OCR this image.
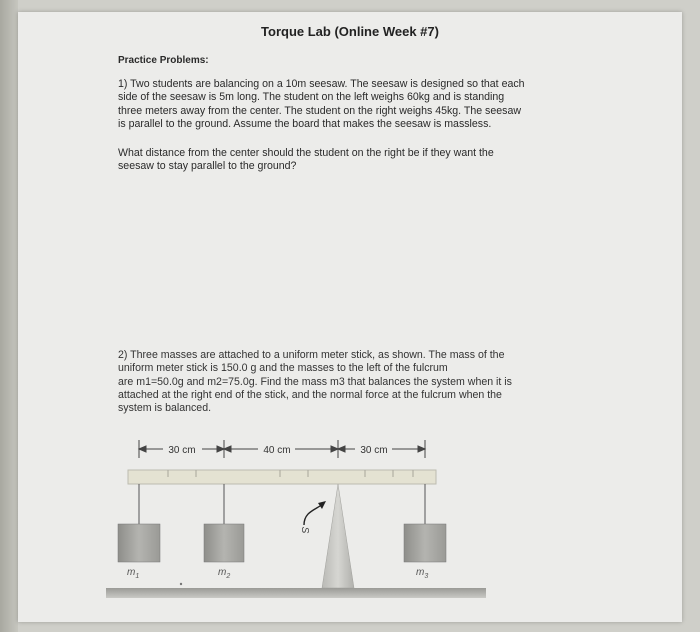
Torque Lab (Online Week #7)
Practice Problems:
1) Two students are balancing on a 10m seesaw. The seesaw is designed so that each
side of the seesaw is 5m long. The student on the left weighs 60kg and is standing
three meters away from the center. The student on the right weighs 45kg. The seesaw
is parallel to the ground. Assume the board that makes the seesaw is massless.
What distance from the center should the student on the right be if they want the
seesaw to stay parallel to the ground?
2) Three masses are attached to a uniform meter stick, as shown. The mass of the
uniform meter stick is 150.0 g and the masses to the left of the fulcrum
are m1=50.0g and m2=75.0g. Find the mass m3 that balances the system when it is
attached at the right end of the stick, and the normal force at the fulcrum when the
system is balanced.
30 cm	40 cm	30 cm
S
$m_1$	$m_2$	$m_3$
